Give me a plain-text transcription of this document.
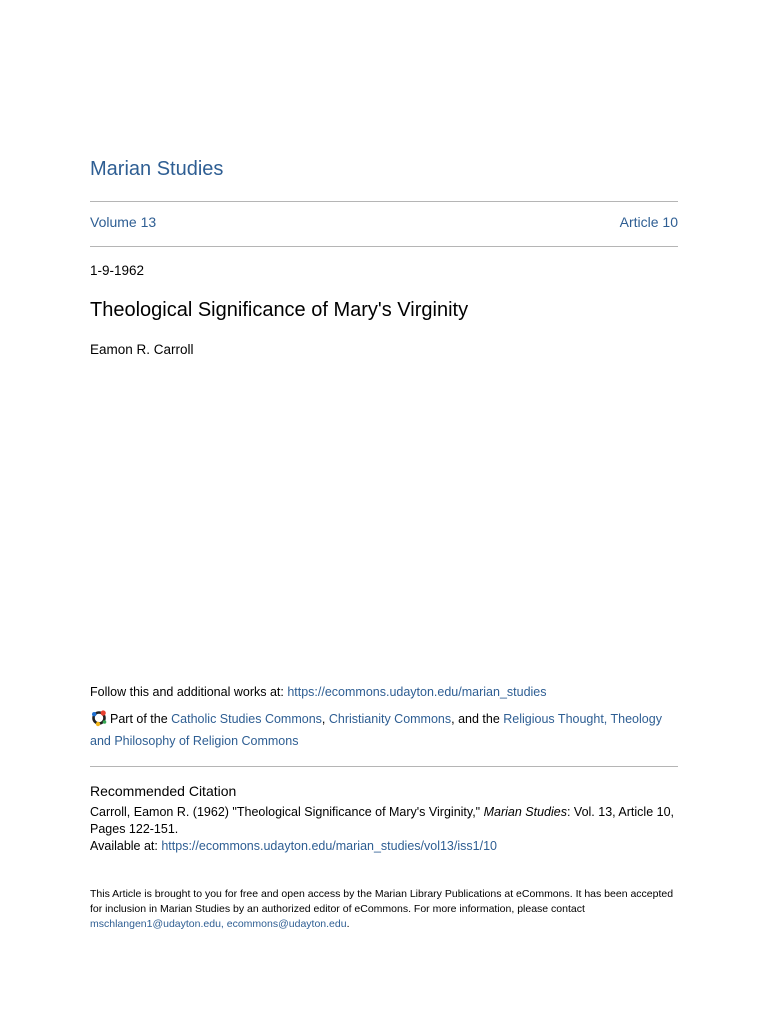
Marian Studies
Volume 13	Article 10
1-9-1962
Theological Significance of Mary's Virginity
Eamon R. Carroll
Follow this and additional works at: https://ecommons.udayton.edu/marian_studies
Part of the Catholic Studies Commons, Christianity Commons, and the Religious Thought, Theology and Philosophy of Religion Commons
Recommended Citation
Carroll, Eamon R. (1962) "Theological Significance of Mary's Virginity," Marian Studies: Vol. 13, Article 10, Pages 122-151.
Available at: https://ecommons.udayton.edu/marian_studies/vol13/iss1/10
This Article is brought to you for free and open access by the Marian Library Publications at eCommons. It has been accepted for inclusion in Marian Studies by an authorized editor of eCommons. For more information, please contact mschlangen1@udayton.edu, ecommons@udayton.edu.
